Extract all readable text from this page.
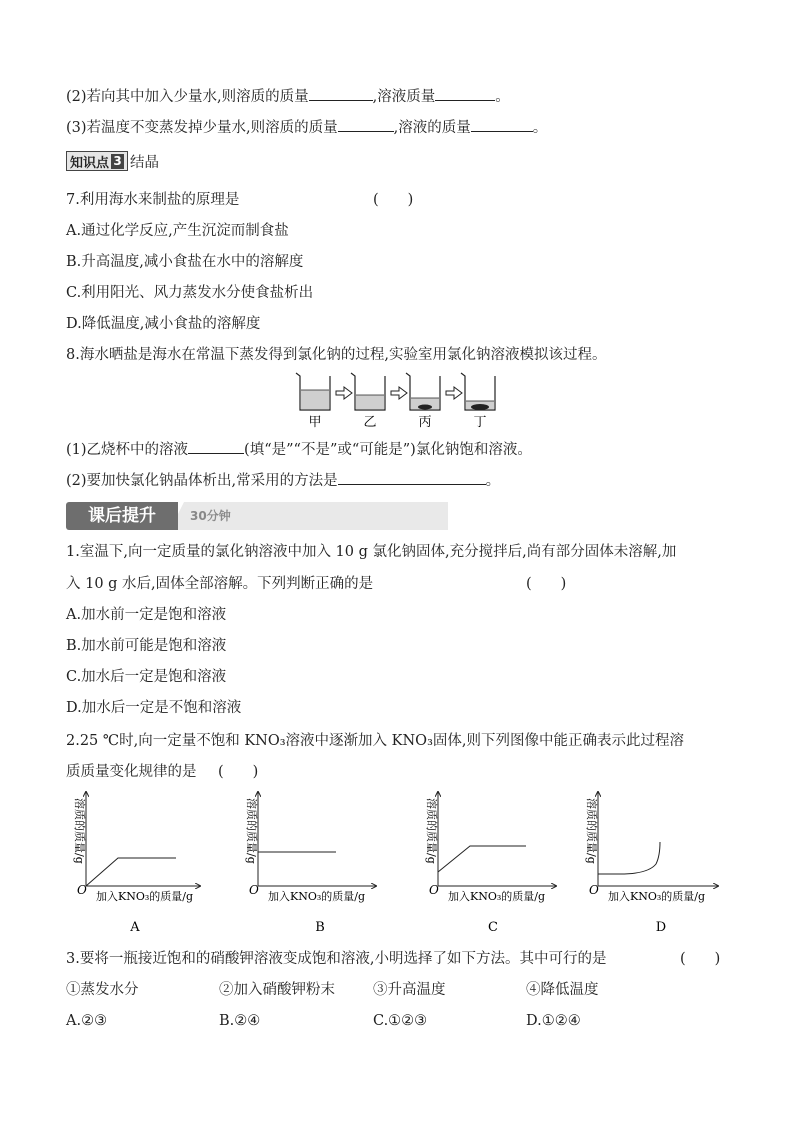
(2)若向其中加入少量水,则溶质的质量	,溶液质量	。
(3)若温度不变蒸发掉少量水,则溶质的质量	,溶液的质量	。
知识点 3 结晶
7.利用海水来制盐的原理是	(　　)
A.通过化学反应,产生沉淀而制食盐
B.升高温度,减小食盐在水中的溶解度
C.利用阳光、风力蒸发水分使食盐析出
D.降低温度,减小食盐的溶解度
8.海水晒盐是海水在常温下蒸发得到氯化钠的过程,实验室用氯化钠溶液模拟该过程。
甲	乙	丙	丁
(1)乙烧杯中的溶液	(填“是”“不是”或“可能是”)氯化钠饱和溶液。
(2)要加快氯化钠晶体析出,常采用的方法是	。
课后提升	30分钟
1.室温下,向一定质量的氯化钠溶液中加入 10 g 氯化钠固体,充分搅拌后,尚有部分固体未溶解,加
入 10 g 水后,固体全部溶解。下列判断正确的是	(　　)
A.加水前一定是饱和溶液
B.加水前可能是饱和溶液
C.加水后一定是饱和溶液
D.加水后一定是不饱和溶液
2.25 ℃时,向一定量不饱和 KNO₃溶液中逐渐加入 KNO₃固体,则下列图像中能正确表示此过程溶
质质量变化规律的是 (　　)
O
溶质的质量/g
加入KNO₃的质量/g
A
O
溶质的质量/g
加入KNO₃的质量/g
B
O
溶质的质量/g
加入KNO₃的质量/g
C
O
溶质的质量/g
加入KNO₃的质量/g
D
3.要将一瓶接近饱和的硝酸钾溶液变成饱和溶液,小明选择了如下方法。其中可行的是	(　　)
①蒸发水分	②加入硝酸钾粉末	③升高温度	④降低温度
A.②③	B.②④	C.①②③	D.①②④
